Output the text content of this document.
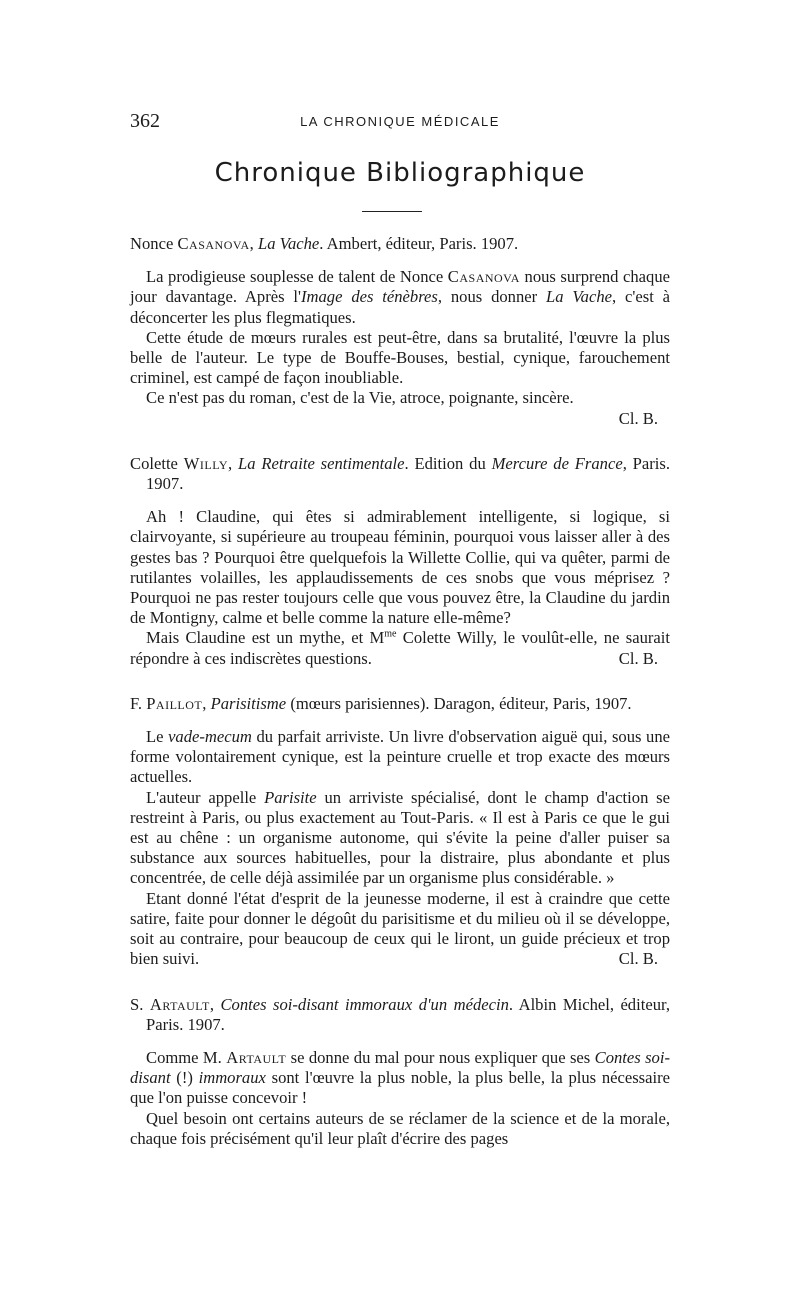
362	LA CHRONIQUE MÉDICALE
Chronique Bibliographique

Nonce Casanova, La Vache. Ambert, éditeur, Paris. 1907.

La prodigieuse souplesse de talent de Nonce Casanova nous surprend chaque jour davantage. Après l'Image des ténèbres, nous donner La Vache, c'est à déconcerter les plus flegmatiques.

Cette étude de mœurs rurales est peut-être, dans sa brutalité, l'œuvre la plus belle de l'auteur. Le type de Bouffe-Bouses, bestial, cynique, farouchement criminel, est campé de façon inoubliable.

Ce n'est pas du roman, c'est de la Vie, atroce, poignante, sincère.

Cl. B.

Colette Willy, La Retraite sentimentale. Edition du Mercure de France, Paris. 1907.

Ah ! Claudine, qui êtes si admirablement intelligente, si logique, si clairvoyante, si supérieure au troupeau féminin, pourquoi vous laisser aller à des gestes bas ? Pourquoi être quelquefois la Willette Collie, qui va quêter, parmi de rutilantes volailles, les applaudissements de ces snobs que vous méprisez ? Pourquoi ne pas rester toujours celle que vous pouvez être, la Claudine du jardin de Montigny, calme et belle comme la nature elle-même?

Mais Claudine est un mythe, et $M^{me}$ Colette Willy, le voulût-elle, ne saurait répondre à ces indiscrètes questions.	Cl. B.

F. Paillot, Parisitisme (mœurs parisiennes). Daragon, éditeur, Paris, 1907.

Le vade-mecum du parfait arriviste. Un livre d'observation aiguë qui, sous une forme volontairement cynique, est la peinture cruelle et trop exacte des mœurs actuelles.

L'auteur appelle Parisite un arriviste spécialisé, dont le champ d'action se restreint à Paris, ou plus exactement au Tout-Paris. « Il est à Paris ce que le gui est au chêne : un organisme autonome, qui s'évite la peine d'aller puiser sa substance aux sources habituelles, pour la distraire, plus abondante et plus concentrée, de celle déjà assimilée par un organisme plus considérable. »

Etant donné l'état d'esprit de la jeunesse moderne, il est à craindre que cette satire, faite pour donner le dégoût du parisitisme et du milieu où il se développe, soit au contraire, pour beaucoup de ceux qui le liront, un guide précieux et trop bien suivi.	Cl. B.

S. Artault, Contes soi-disant immoraux d'un médecin. Albin Michel, éditeur, Paris. 1907.

Comme M. Artault se donne du mal pour nous expliquer que ses Contes soi-disant (!) immoraux sont l'œuvre la plus noble, la plus belle, la plus nécessaire que l'on puisse concevoir !

Quel besoin ont certains auteurs de se réclamer de la science et de la morale, chaque fois précisément qu'il leur plaît d'écrire des pages
